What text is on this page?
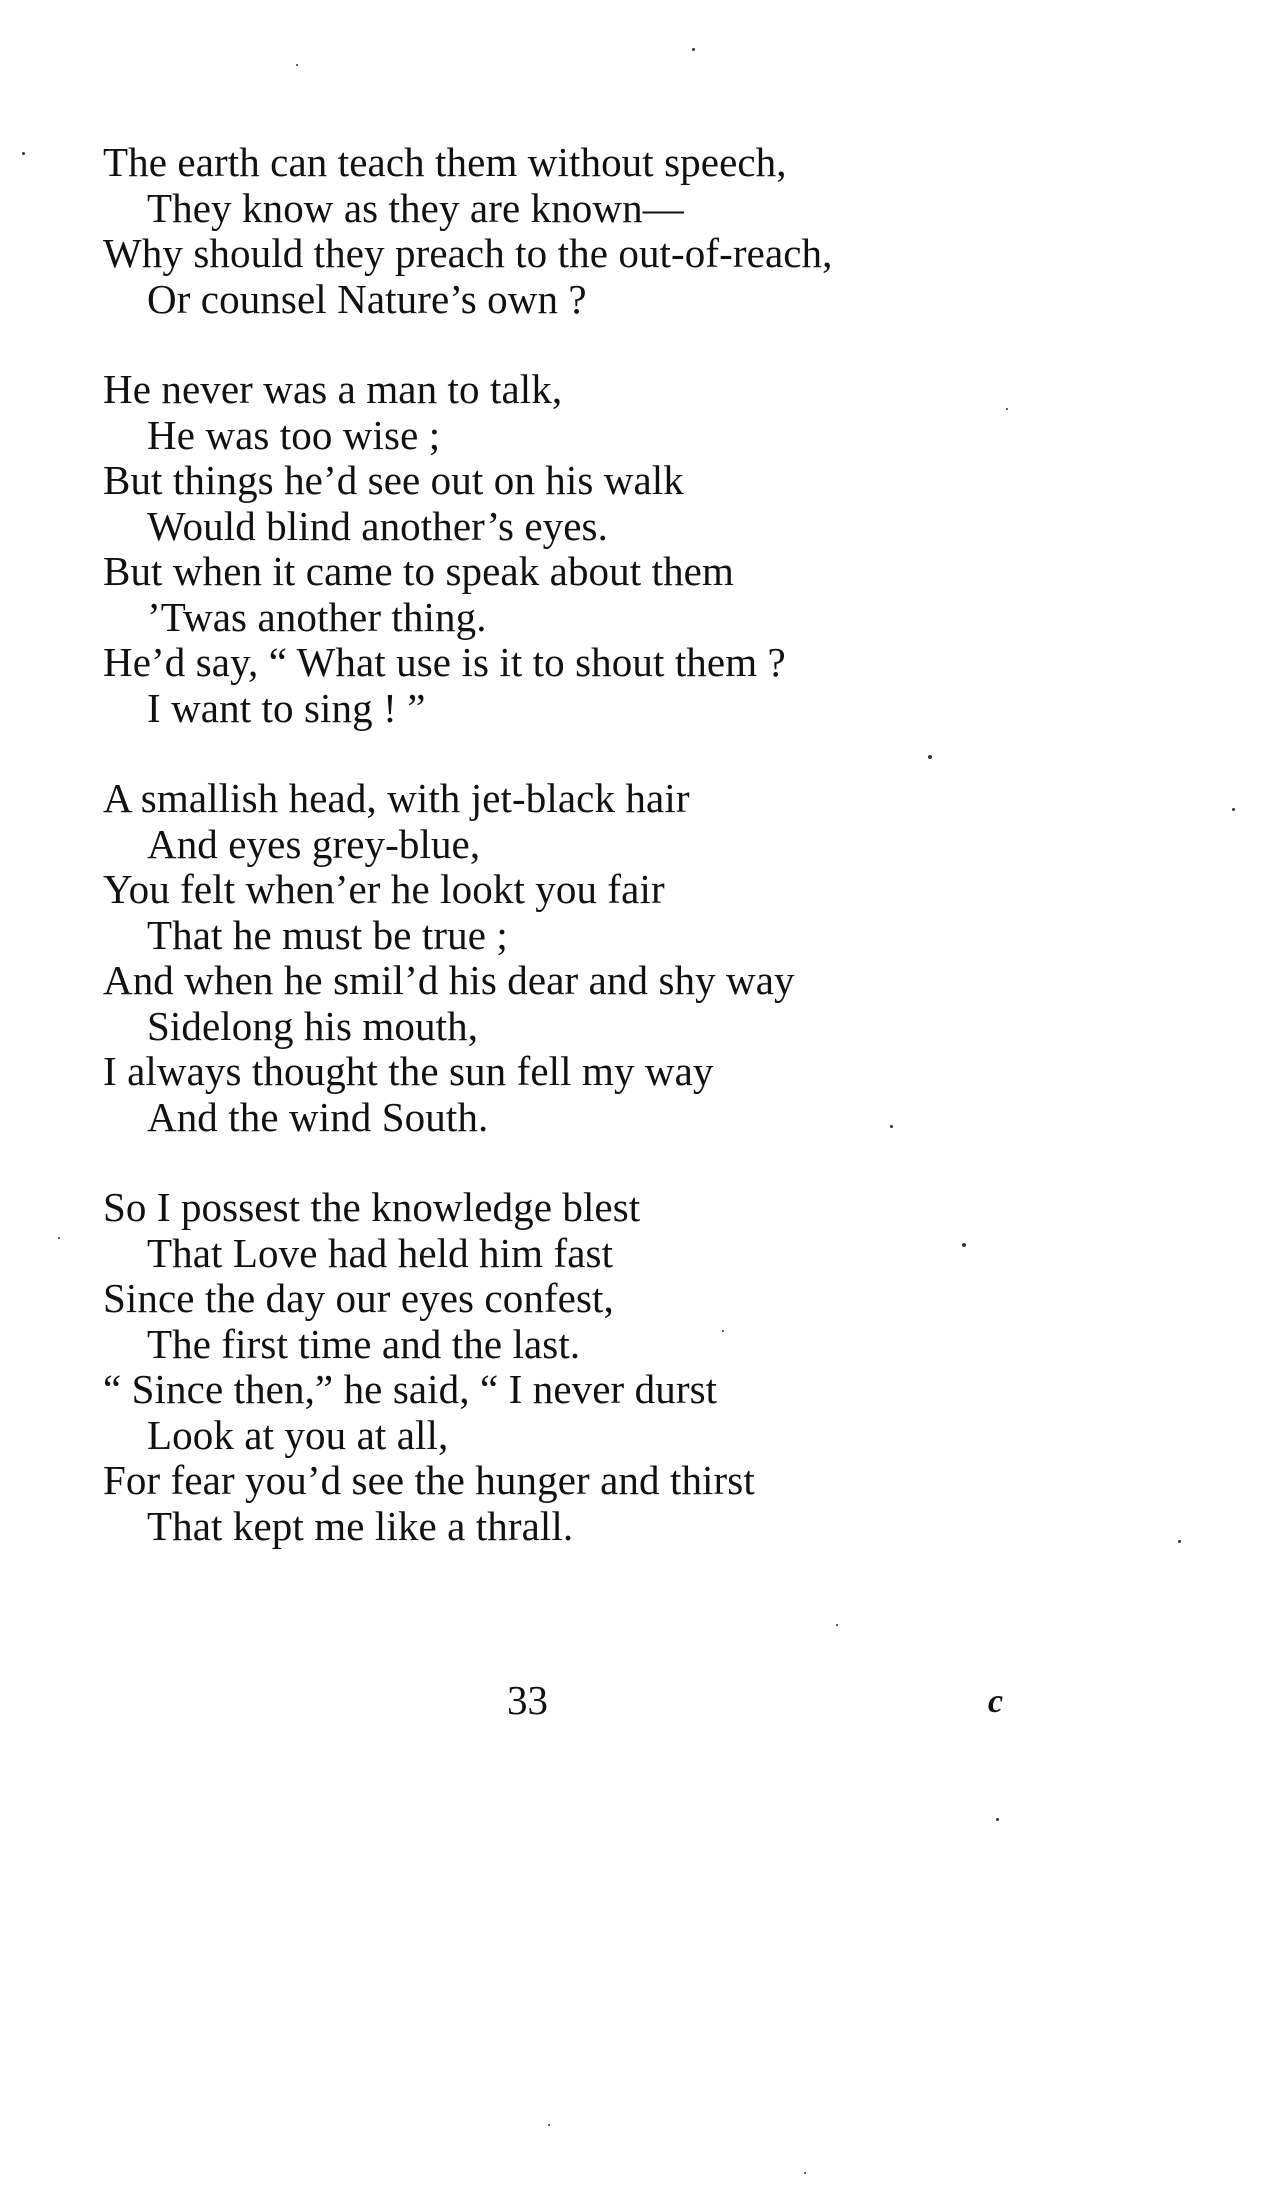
The earth can teach them without speech,
They know as they are known—
Why should they preach to the out-of-reach,
Or counsel Nature’s own ?
He never was a man to talk,
He was too wise ;
But things he’d see out on his walk
Would blind another’s eyes.
But when it came to speak about them
’Twas another thing.
He’d say, “ What use is it to shout them ?
I want to sing ! ”
A smallish head, with jet-black hair
And eyes grey-blue,
You felt when’er he lookt you fair
That he must be true ;
And when he smil’d his dear and shy way
Sidelong his mouth,
I always thought the sun fell my way
And the wind South.
So I possest the knowledge blest
That Love had held him fast
Since the day our eyes confest,
The first time and the last.
“ Since then,” he said, “ I never durst
Look at you at all,
For fear you’d see the hunger and thirst
That kept me like a thrall.
33	c
